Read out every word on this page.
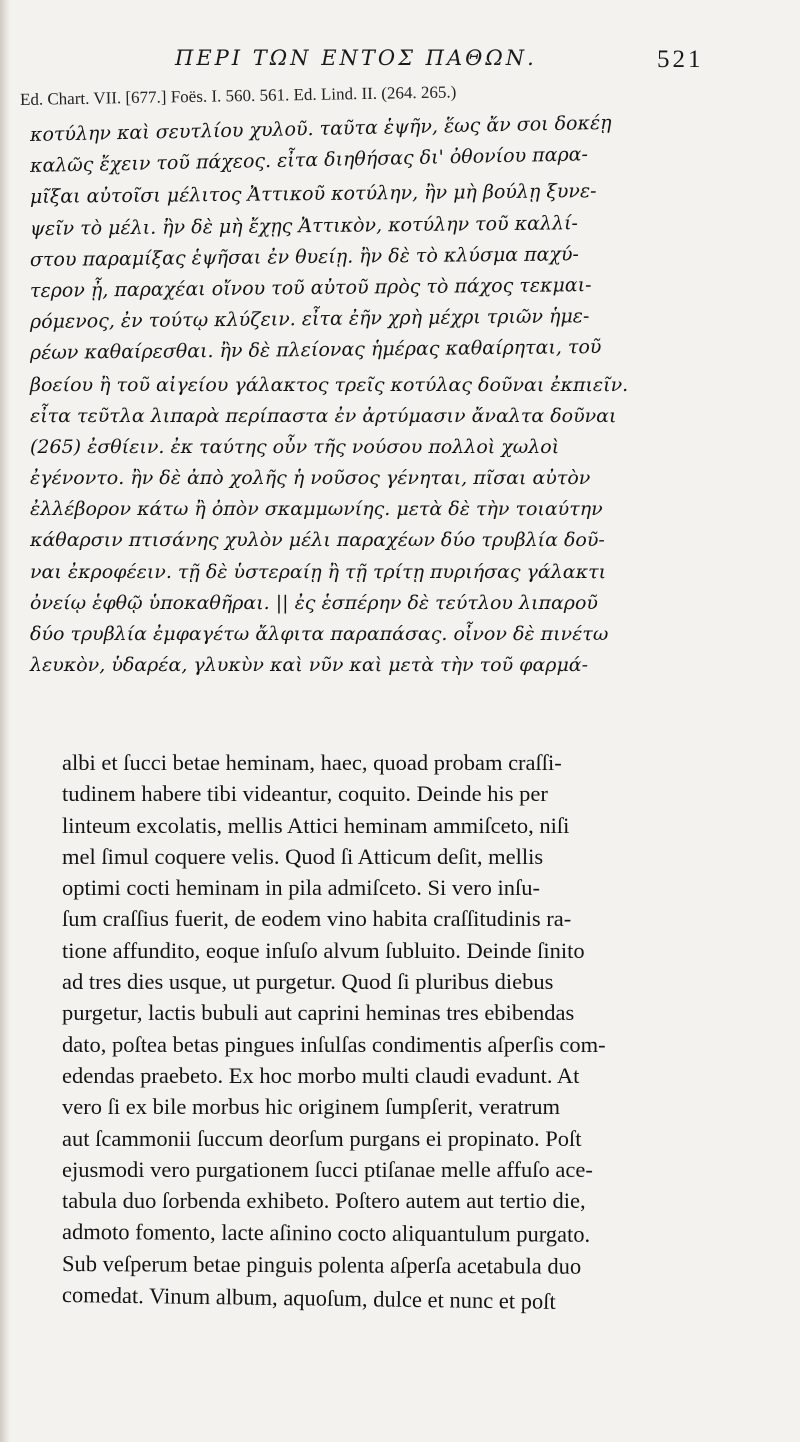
ΠΕΡΙ ΤΩΝ ΕΝΤΟΣ ΠΑΘΩΝ.	521
Ed. Chart. VII. [677.] Foës. I. 560. 561. Ed. Lind. II. (264. 265.)
κοτύλην καὶ σευτλίου χυλοῦ. ταῦτα ἑψῆν, ἕως ἄν σοι δοκέῃ
καλῶς ἔχειν τοῦ πάχεος. εἶτα διηθήσας δι' ὀθονίου παρα-
μῖξαι αὐτοῖσι μέλιτος Ἀττικοῦ κοτύλην, ἢν μὴ βούλῃ ξυνε-
ψεῖν τὸ μέλι. ἢν δὲ μὴ ἔχῃς Ἀττικὸν, κοτύλην τοῦ καλλί-
στου παραμίξας ἑψῆσαι ἐν θυείῃ. ἢν δὲ τὸ κλύσμα παχύ-
τερον ᾖ, παραχέαι οἴνου τοῦ αὐτοῦ πρὸς τὸ πάχος τεκμαι-
ρόμενος, ἐν τούτῳ κλύζειν. εἶτα ἐῆν χρὴ μέχρι τριῶν ἡμε-
ρέων καθαίρεσθαι. ἢν δὲ πλείονας ἡμέρας καθαίρηται, τοῦ
βοείου ἢ τοῦ αἰγείου γάλακτος τρεῖς κοτύλας δοῦναι ἐκπιεῖν.
εἶτα τεῦτλα λιπαρὰ περίπαστα ἐν ἀρτύμασιν ἄναλτα δοῦναι
(265) ἐσθίειν. ἐκ ταύτης οὖν τῆς νούσου πολλοὶ χωλοὶ
ἐγένοντο. ἢν δὲ ἀπὸ χολῆς ἡ νοῦσος γένηται, πῖσαι αὐτὸν
ἐλλέβορον κάτω ἢ ὀπὸν σκαμμωνίης. μετὰ δὲ τὴν τοιαύτην
κάθαρσιν πτισάνης χυλὸν μέλι παραχέων δύο τρυβλία δοῦ-
ναι ἐκροφέειν. τῇ δὲ ὑστεραίῃ ἢ τῇ τρίτῃ πυριήσας γάλακτι
ὀνείῳ ἑφθῷ ὑποκαθῆραι. || ἐς ἑσπέρην δὲ τεύτλου λιπαροῦ
δύο τρυβλία ἐμφαγέτω ἄλφιτα παραπάσας. οἶνον δὲ πινέτω
λευκὸν, ὑδαρέα, γλυκὺν καὶ νῦν καὶ μετὰ τὴν τοῦ φαρμά-
albi et ſucci betae heminam, haec, quoad probam craſſi-
tudinem habere tibi videantur, coquito. Deinde his per
linteum excolatis, mellis Attici heminam ammiſceto, niſi
mel ſimul coquere velis. Quod ſi Atticum deſit, mellis
optimi cocti heminam in pila admiſceto. Si vero inſu-
ſum craſſius fuerit, de eodem vino habita craſſitudinis ra-
tione affundito, eoque inſuſo alvum ſubluito. Deinde ſinito
ad tres dies usque, ut purgetur. Quod ſi pluribus diebus
purgetur, lactis bubuli aut caprini heminas tres ebibendas
dato, poſtea betas pingues inſulſas condimentis aſperſis com-
edendas praebeto. Ex hoc morbo multi claudi evadunt. At
vero ſi ex bile morbus hic originem ſumpſerit, veratrum
aut ſcammonii ſuccum deorſum purgans ei propinato. Poſt
ejusmodi vero purgationem ſucci ptiſanae melle affuſo ace-
tabula duo ſorbenda exhibeto. Poſtero autem aut tertio die,
admoto fomento, lacte aſinino cocto aliquantulum purgato.
Sub veſperum betae pinguis polenta aſperſa acetabula duo
comedat. Vinum album, aquoſum, dulce et nunc et poſt
